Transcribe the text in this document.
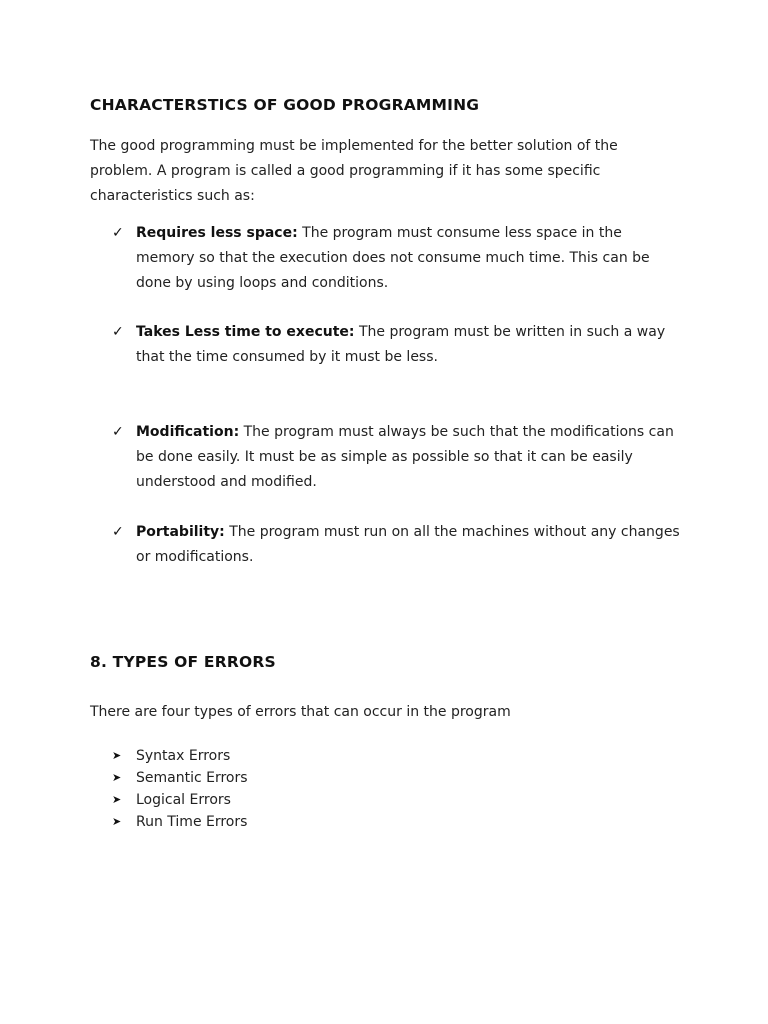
CHARACTERSTICS OF GOOD PROGRAMMING
The good programming must be implemented for the better solution of the problem. A program is called a good programming if it has some specific characteristics such as:
✓ Requires less space: The program must consume less space in the memory so that the execution does not consume much time. This can be done by using loops and conditions.
✓ Takes Less time to execute: The program must be written in such a way that the time consumed by it must be less.
✓ Modification: The program must always be such that the modifications can be done easily. It must be as simple as possible so that it can be easily understood and modified.
✓ Portability: The program must run on all the machines without any changes or modifications.
8. TYPES OF ERRORS
There are four types of errors that can occur in the program
➤ Syntax Errors
➤ Semantic Errors
➤ Logical Errors
➤ Run Time Errors
